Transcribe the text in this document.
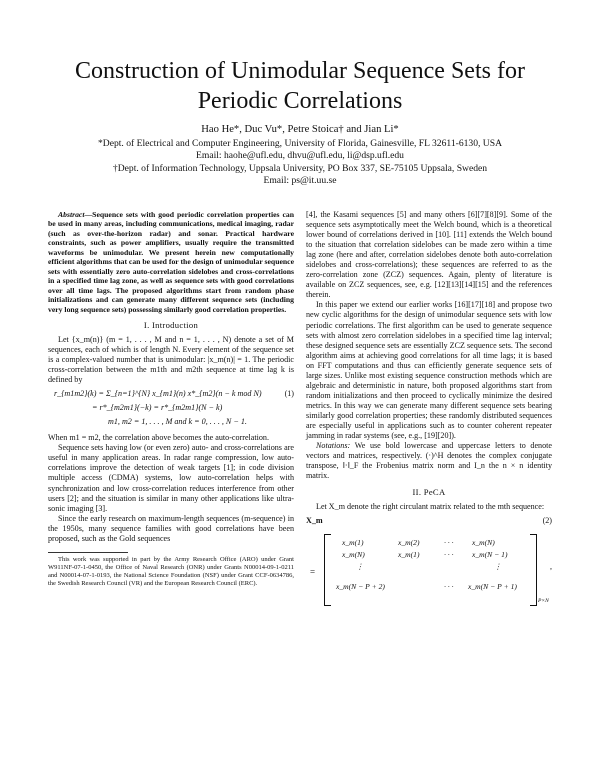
Construction of Unimodular Sequence Sets for Periodic Correlations
Hao He*, Duc Vu*, Petre Stoica† and Jian Li*
*Dept. of Electrical and Computer Engineering, University of Florida, Gainesville, FL 32611-6130, USA
Email: haohe@ufl.edu, dhvu@ufl.edu, li@dsp.ufl.edu
†Dept. of Information Technology, Uppsala University, PO Box 337, SE-75105 Uppsala, Sweden
Email: ps@it.uu.se

Abstract—Sequence sets with good periodic correlation properties can be used in many areas, including communications, medical imaging, radar (such as over-the-horizon radar) and sonar. Practical hardware constraints, such as power amplifiers, usually require the transmitted waveforms be unimodular. We present herein new computationally efficient algorithms that can be used for the design of unimodular sequence sets with essentially zero auto-correlation sidelobes and cross-correlations in a specified time lag zone, as well as sequence sets with good correlations over all time lags. The proposed algorithms start from random phase initializations and can generate many different sequence sets (including very long sequence sets) possessing similarly good correlation properties.

I. Introduction

Let {x_m(n)} (m = 1, . . . , M and n = 1, . . . , N) denote a set of M sequences, each of which is of length N. Every element of the sequence set is a complex-valued number that is unimodular: |x_m(n)| = 1. The periodic cross-correlation between the m1th and m2th sequence at time lag k is defined by

r_{m1m2}(k) = Σ_{n=1}^{N} x_{m1}(n) x*_{m2}(n − k mod N)	(1)
= r*_{m2m1}(−k) = r*_{m2m1}(N − k)
m1, m2 = 1, . . . , M and k = 0, . . . , N − 1.

When m1 = m2, the correlation above becomes the auto-correlation.

Sequence sets having low (or even zero) auto- and cross-correlations are useful in many application areas. In radar range compression, low auto-correlations improve the detection of weak targets [1]; in code division multiple access (CDMA) systems, low auto-correlation helps with synchronization and low cross-correlation reduces interference from other users [2]; and the situation is similar in many other applications like ultra-sonic imaging [3].

Since the early research on maximum-length sequences (m-sequence) in the 1950s, many sequence families with good correlations have been proposed, such as the Gold sequences

This work was supported in part by the Army Research Office (ARO) under Grant W911NF-07-1-0450, the Office of Naval Research (ONR) under Grants N00014-09-1-0211 and N00014-07-1-0193, the National Science Foundation (NSF) under Grant CCF-0634786, the Swedish Research Council (VR) and the European Research Council (ERC).

[4], the Kasami sequences [5] and many others [6][7][8][9]. Some of the sequence sets asymptotically meet the Welch bound, which is a theoretical lower bound of correlations derived in [10]. [11] extends the Welch bound to the situation that correlation sidelobes can be made zero within a time lag zone (here and after, correlation sidelobes denote both auto-correlation sidelobes and cross-correlations); these sequences are referred to as the zero-correlation zone (ZCZ) sequences. Again, plenty of literature is available on ZCZ sequences, see, e.g. [12][13][14][15] and the references therein.

In this paper we extend our earlier works [16][17][18] and propose two new cyclic algorithms for the design of unimodular sequence sets with low periodic correlations. The first algorithm can be used to generate sequence sets with almost zero correlation sidelobes in a specified time lag interval; these designed sequence sets are essentially ZCZ sequence sets. The second algorithm aims at achieving good correlations for all time lags; it is based on FFT computations and thus can efficiently generate sequence sets of large sizes. Unlike most existing sequence construction methods which are algebraic and deterministic in nature, both proposed algorithms start from random initializations and then proceed to cyclically minimize the desired metrics. In this way we can generate many different sequence sets bearing similarly good correlation properties; these randomly distributed sequences are especially useful in applications such as to counter coherent repeater jamming in radar systems (see, e.g., [19][20]).

Notations: We use bold lowercase and uppercase letters to denote vectors and matrices, respectively. (·)^H denotes the complex conjugate transpose, ‖·‖_F the Frobenius matrix norm and I_n the n × n identity matrix.

II. PeCA

Let X_m denote the right circulant matrix related to the mth sequence:

X_m	(2)
=
x_m(1)	x_m(2)	· · · x_m(N)
x_m(N)	x_m(1)	· · · x_m(N − 1)
⋮	⋮
x_m(N − P + 2)	· · · x_m(N − P + 1)
P×N
,
